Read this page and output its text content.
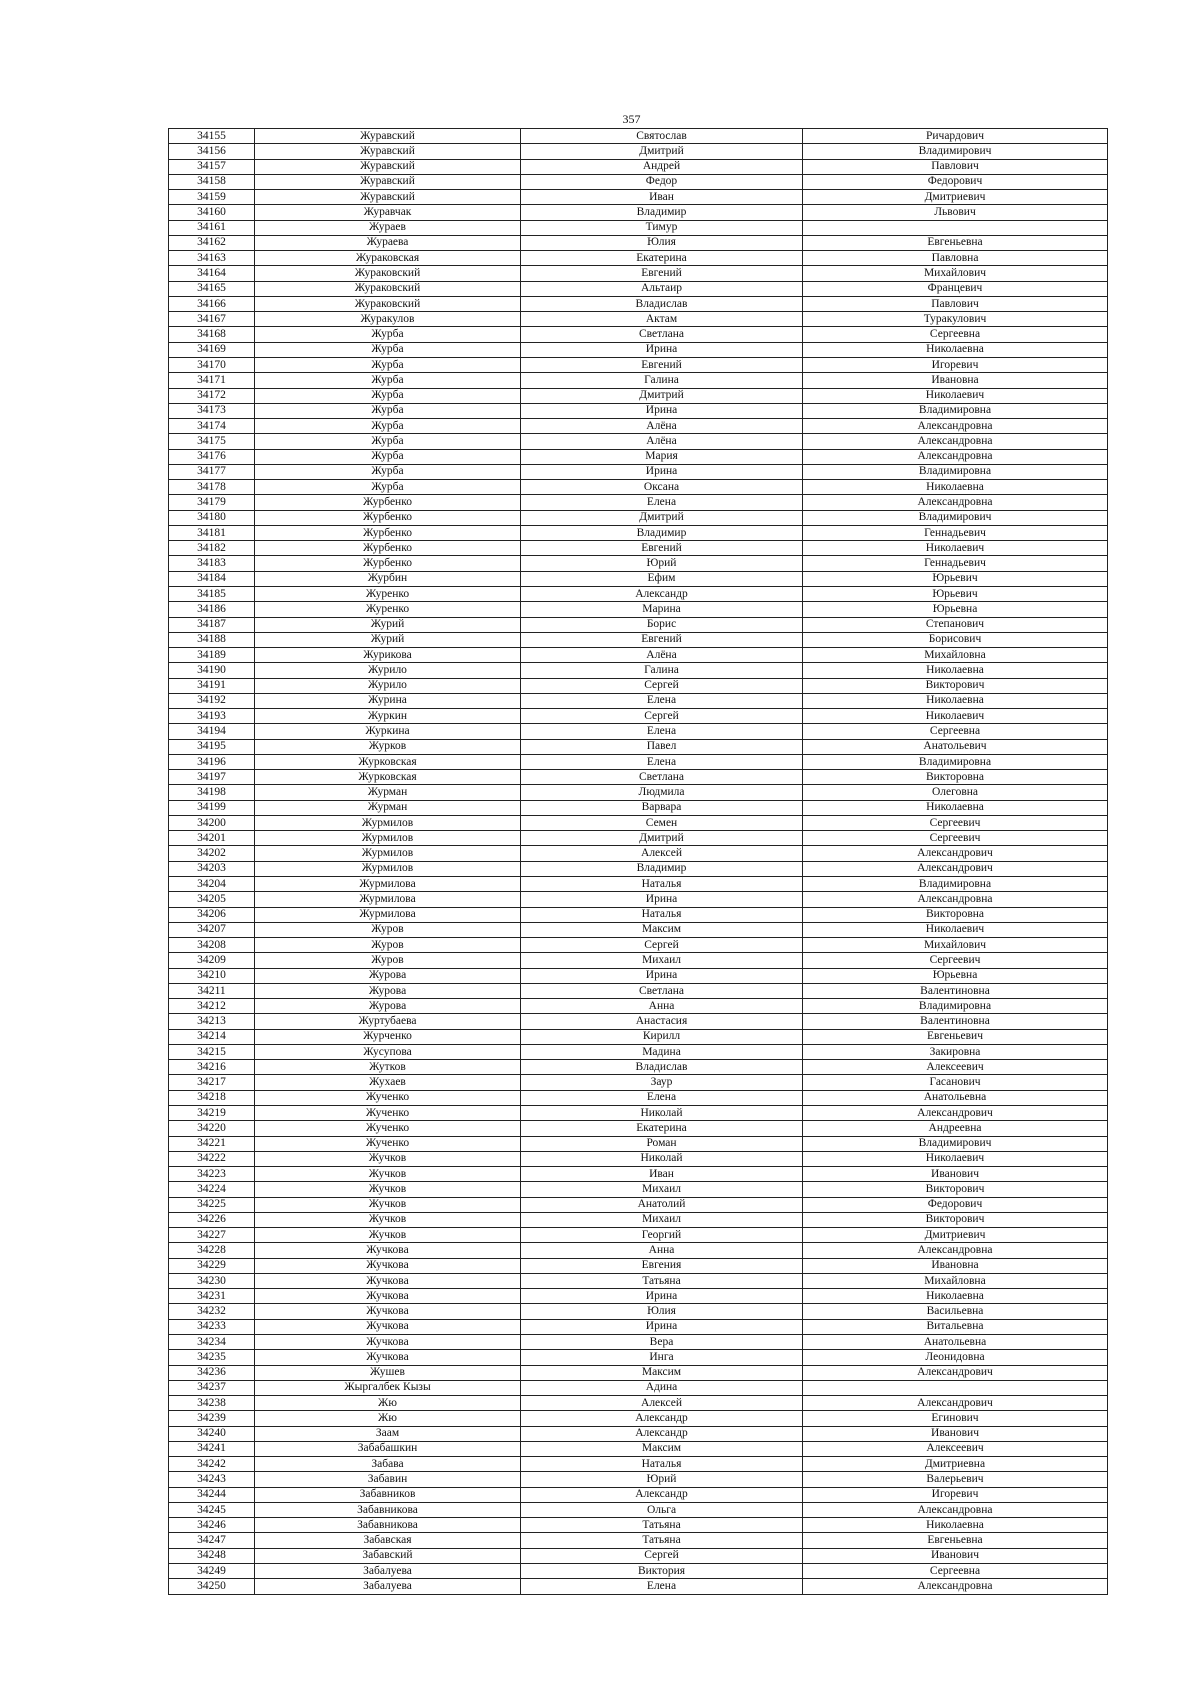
357
34155	Журавский	Святослав	Ричардович
34156	Журавский	Дмитрий	Владимирович
34157	Журавский	Андрей	Павлович
34158	Журавский	Федор	Федорович
34159	Журавский	Иван	Дмитриевич
34160	Журавчак	Владимир	Львович
34161	Жураев	Тимур	
34162	Жураева	Юлия	Евгеньевна
34163	Жураковская	Екатерина	Павловна
34164	Жураковский	Евгений	Михайлович
34165	Жураковский	Альтаир	Францевич
34166	Жураковский	Владислав	Павлович
34167	Журакулов	Актам	Туракулович
34168	Журба	Светлана	Сергеевна
34169	Журба	Ирина	Николаевна
34170	Журба	Евгений	Игоревич
34171	Журба	Галина	Ивановна
34172	Журба	Дмитрий	Николаевич
34173	Журба	Ирина	Владимировна
34174	Журба	Алёна	Александровна
34175	Журба	Алёна	Александровна
34176	Журба	Мария	Александровна
34177	Журба	Ирина	Владимировна
34178	Журба	Оксана	Николаевна
34179	Журбенко	Елена	Александровна
34180	Журбенко	Дмитрий	Владимирович
34181	Журбенко	Владимир	Геннадьевич
34182	Журбенко	Евгений	Николаевич
34183	Журбенко	Юрий	Геннадьевич
34184	Журбин	Ефим	Юрьевич
34185	Журенко	Александр	Юрьевич
34186	Журенко	Марина	Юрьевна
34187	Журий	Борис	Степанович
34188	Журий	Евгений	Борисович
34189	Журикова	Алёна	Михайловна
34190	Журило	Галина	Николаевна
34191	Журило	Сергей	Викторович
34192	Журина	Елена	Николаевна
34193	Журкин	Сергей	Николаевич
34194	Журкина	Елена	Сергеевна
34195	Журков	Павел	Анатольевич
34196	Журковская	Елена	Владимировна
34197	Журковская	Светлана	Викторовна
34198	Журман	Людмила	Олеговна
34199	Журман	Варвара	Николаевна
34200	Журмилов	Семен	Сергеевич
34201	Журмилов	Дмитрий	Сергеевич
34202	Журмилов	Алексей	Александрович
34203	Журмилов	Владимир	Александрович
34204	Журмилова	Наталья	Владимировна
34205	Журмилова	Ирина	Александровна
34206	Журмилова	Наталья	Викторовна
34207	Журов	Максим	Николаевич
34208	Журов	Сергей	Михайлович
34209	Журов	Михаил	Сергеевич
34210	Журова	Ирина	Юрьевна
34211	Журова	Светлана	Валентиновна
34212	Журова	Анна	Владимировна
34213	Журтубаева	Анастасия	Валентиновна
34214	Журченко	Кирилл	Евгеньевич
34215	Жусупова	Мадина	Закировна
34216	Жутков	Владислав	Алексеевич
34217	Жухаев	Заур	Гасанович
34218	Жученко	Елена	Анатольевна
34219	Жученко	Николай	Александрович
34220	Жученко	Екатерина	Андреевна
34221	Жученко	Роман	Владимирович
34222	Жучков	Николай	Николаевич
34223	Жучков	Иван	Иванович
34224	Жучков	Михаил	Викторович
34225	Жучков	Анатолий	Федорович
34226	Жучков	Михаил	Викторович
34227	Жучков	Георгий	Дмитриевич
34228	Жучкова	Анна	Александровна
34229	Жучкова	Евгения	Ивановна
34230	Жучкова	Татьяна	Михайловна
34231	Жучкова	Ирина	Николаевна
34232	Жучкова	Юлия	Васильевна
34233	Жучкова	Ирина	Витальевна
34234	Жучкова	Вера	Анатольевна
34235	Жучкова	Инга	Леонидовна
34236	Жушев	Максим	Александрович
34237	Жыргалбек Кызы	Адина	
34238	Жю	Алексей	Александрович
34239	Жю	Александр	Егинович
34240	Заам	Александр	Иванович
34241	Забабашкин	Максим	Алексеевич
34242	Забава	Наталья	Дмитриевна
34243	Забавин	Юрий	Валерьевич
34244	Забавников	Александр	Игоревич
34245	Забавникова	Ольга	Александровна
34246	Забавникова	Татьяна	Николаевна
34247	Забавская	Татьяна	Евгеньевна
34248	Забавский	Сергей	Иванович
34249	Забалуева	Виктория	Сергеевна
34250	Забалуева	Елена	Александровна
